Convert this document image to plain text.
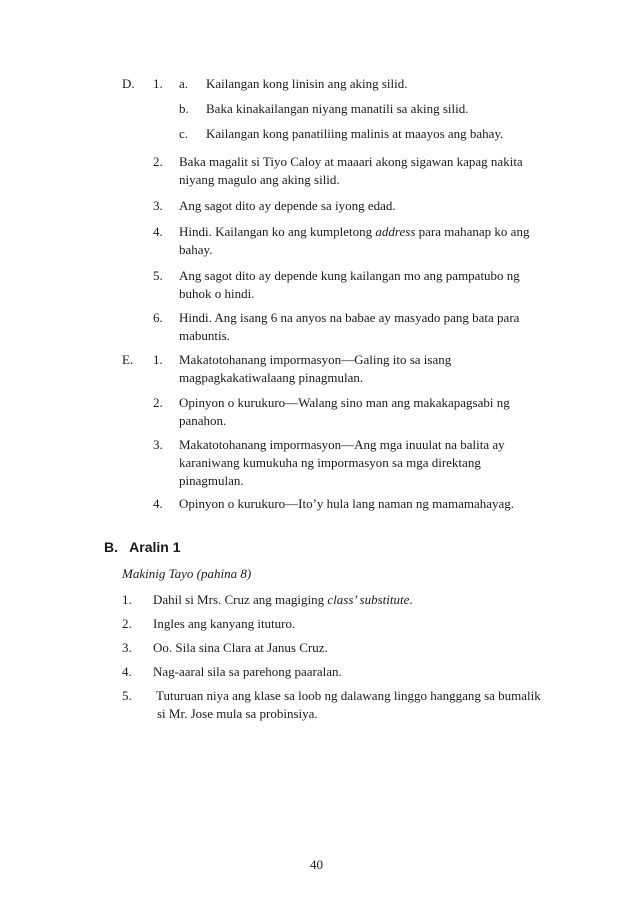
D. 1. a. Kailangan kong linisin ang aking silid.
b. Baka kinakailangan niyang manatili sa aking silid.
c. Kailangan kong panatiliing malinis at maayos ang bahay.
2. Baka magalit si Tiyo Caloy at maaari akong sigawan kapag nakita
niyang magulo ang aking silid.
3. Ang sagot dito ay depende sa iyong edad.
4. Hindi. Kailangan ko ang kumpletong address para mahanap ko ang
bahay.
5. Ang sagot dito ay depende kung kailangan mo ang pampatubo ng
buhok o hindi.
6. Hindi. Ang isang 6 na anyos na babae ay masyado pang bata para
mabuntis.
E. 1. Makatotohanang impormasyon—Galing ito sa isang
magpagkakatiwalaang pinagmulan.
2. Opinyon o kurukuro—Walang sino man ang makakapagsabi ng
panahon.
3. Makatotohanang impormasyon—Ang mga inuulat na balita ay
karaniwang kumukuha ng impormasyon sa mga direktang
pinagmulan.
4. Opinyon o kurukuro—Ito’y hula lang naman ng mamamahayag.
B.   Aralin 1
Makinig Tayo (pahina 8)
1. Dahil si Mrs. Cruz ang magiging class’ substitute.
2. Ingles ang kanyang ituturo.
3. Oo. Sila sina Clara at Janus Cruz.
4. Nag-aaral sila sa parehong paaralan.
5. Tuturuan niya ang klase sa loob ng dalawang linggo hanggang sa bumalik
si Mr. Jose mula sa probinsiya.
40
